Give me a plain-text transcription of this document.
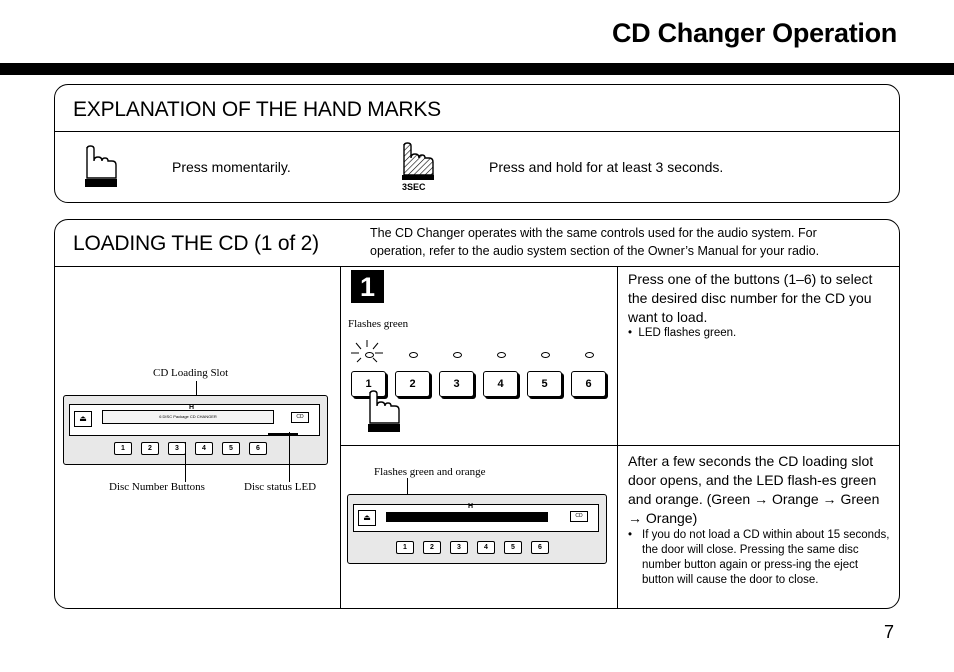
CD Changer Operation
EXPLANATION OF THE HAND MARKS
Press momentarily.
3SEC
Press and hold for at least 3 seconds.
LOADING THE CD (1 of 2)	The CD Changer operates with the same controls used for the audio system. For operation, refer to the audio system section of the Owner’s Manual for your radio.
CD Loading Slot
⏏	6 DISC Package CD CHANGER
H
CD
1	2	3	4	5	6
Disc Number Buttons	Disc status LED
1
Flashes green
1	2	3	4	5	6
Press one of the buttons (1–6) to select the desired disc number for the CD you want to load.
•  LED flashes green.
Flashes green and orange
⏏
H
CD
1	2	3	4	5	6
After a few seconds the CD loading slot door opens, and the LED flash-es green and orange. (Green → Orange → Green → Orange)
• If you do not load a CD within about 15 seconds, the door will close. Pressing the same disc number button again or press-ing the eject button will cause the door to close.
7
